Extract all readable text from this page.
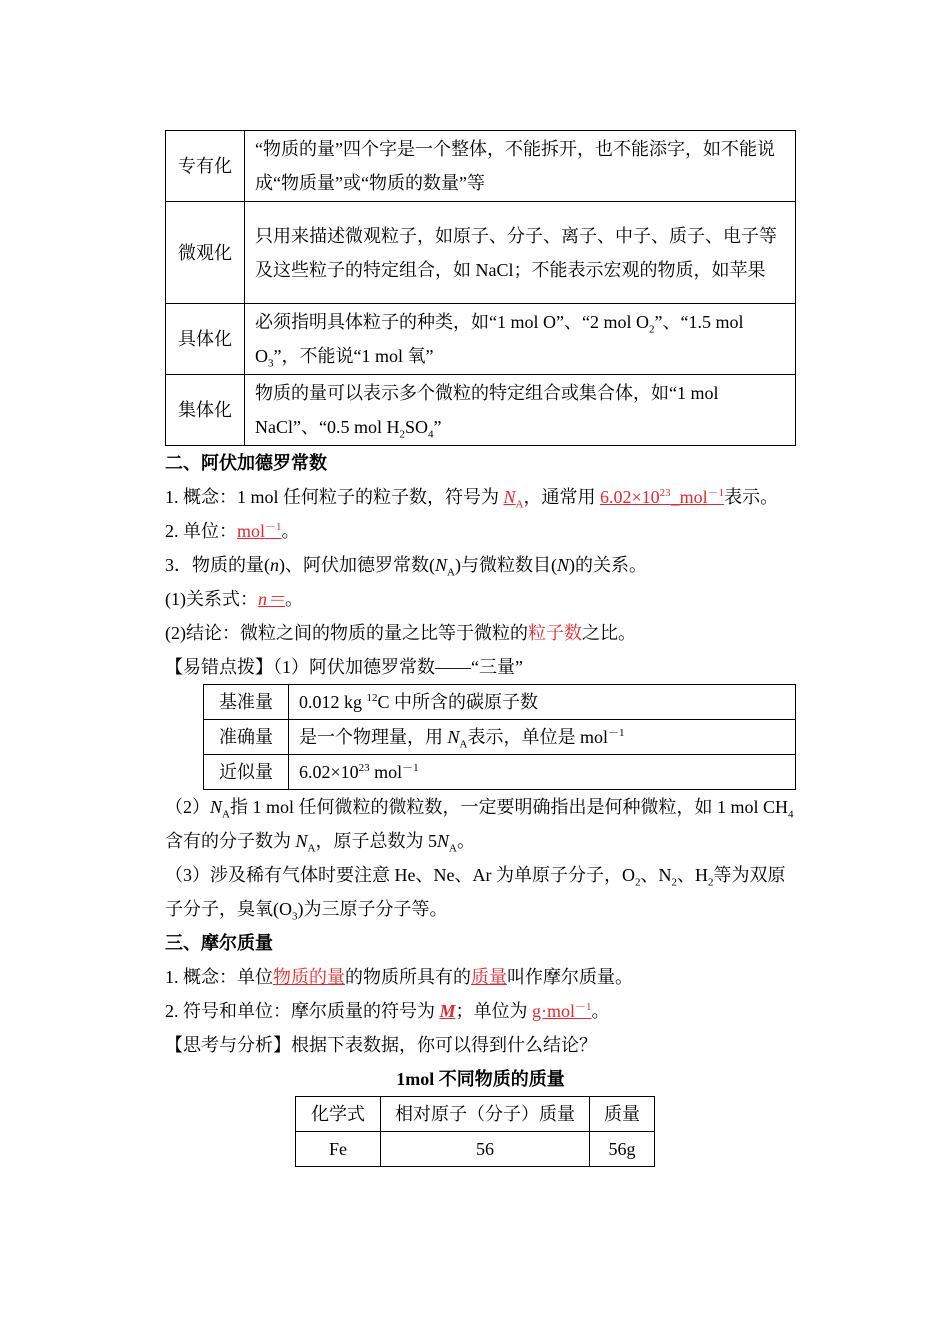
专有化	“物质的量”四个字是一个整体，不能拆开，也不能添字，如不能说成“物质量”或“物质的数量”等
微观化	只用来描述微观粒子，如原子、分子、离子、中子、质子、电子等及这些粒子的特定组合，如 NaCl；不能表示宏观的物质，如苹果
具体化	必须指明具体粒子的种类，如“1 mol O”、“2 mol $O_2$”、“1.5 mol $O_3$”，不能说“1 mol 氧”
集体化	物质的量可以表示多个微粒的特定组合或集合体，如“1 mol NaCl”、“0.5 mol $H_2SO_4$”

二、阿伏加德罗常数

1. 概念：1 mol 任何粒子的粒子数，符号为 $N_A$，通常用 $6.02\times 10^{23}\_mol^{-1}$表示。

2. 单位：mol$^{-1}$。

3．物质的量(n)、阿伏加德罗常数$(N_A)$与微粒数目(N)的关系。

(1)关系式：n＝。

(2)结论：微粒之间的物质的量之比等于微粒的粒子数之比。

【易错点拨】（1）阿伏加德罗常数——“三量”

基准量	0.012 kg $^{12}$C 中所含的碳原子数
准确量	是一个物理量，用 $N_A$表示，单位是 mol$^{-1}$
近似量	$6.02\times 10^{23}$ mol$^{-1}$

$(2)N_A$指 1 mol 任何微粒的微粒数，一定要明确指出是何种微粒，如 1 mol $CH_4$含有的分子数为 $N_A$，原子总数为 $5N_A$。

（3）涉及稀有气体时要注意 He、Ne、Ar 为单原子分子，$O_2$、$N_2$、$H_2$等为双原子分子，臭氧$(O_3)$为三原子分子等。

三、摩尔质量

1. 概念：单位物质的量的物质所具有的质量叫作摩尔质量。

2. 符号和单位：摩尔质量的符号为 M；单位为 g·mol$^{-1}$。

【思考与分析】根据下表数据，你可以得到什么结论？

1mol 不同物质的质量

化学式	相对原子（分子）质量	质量
Fe	56	56g
